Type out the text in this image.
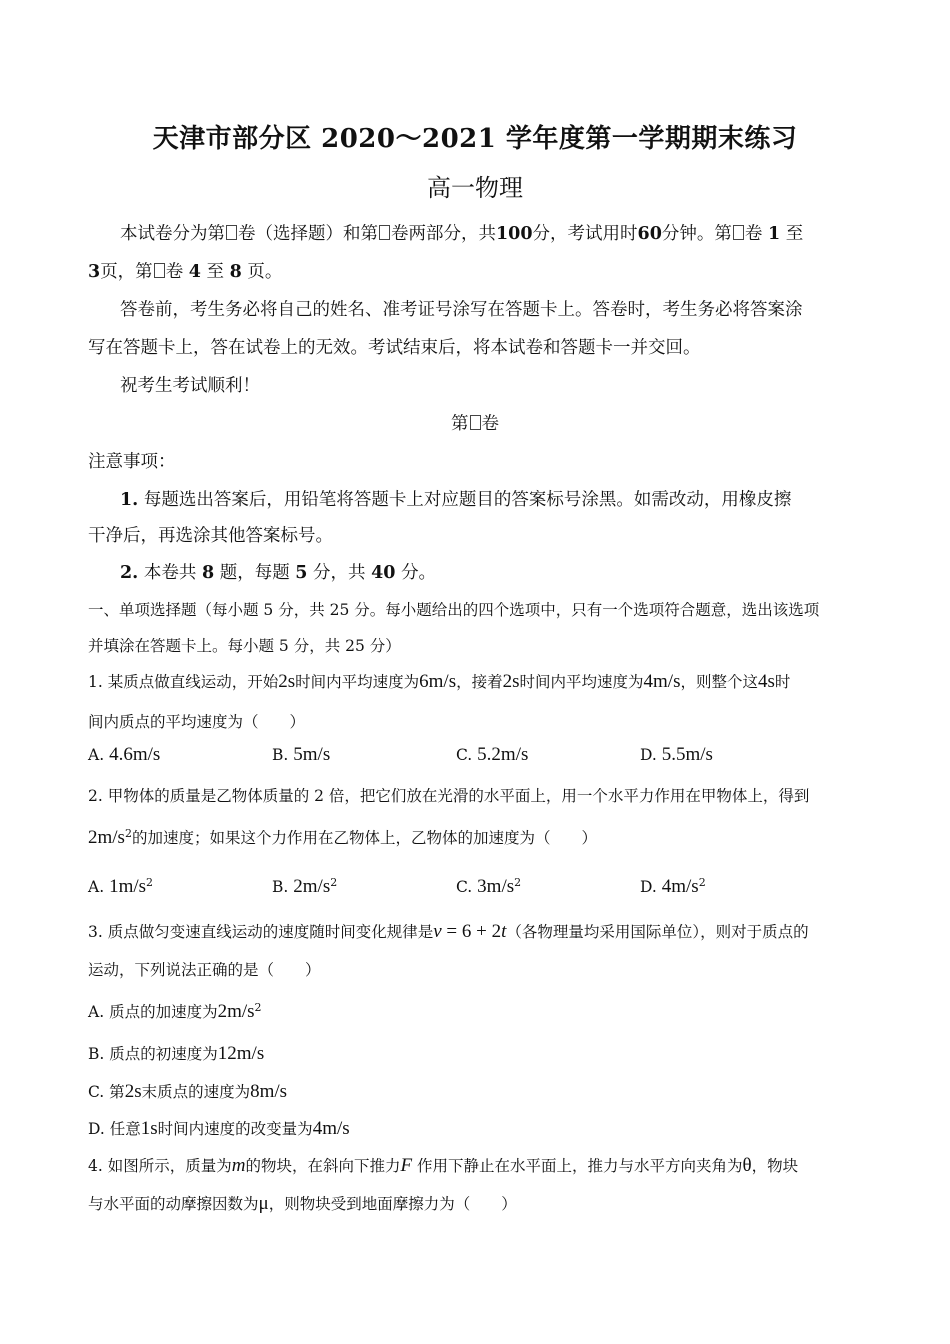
天津市部分区 2020～2021 学年度第一学期期末练习
高一物理
本试卷分为第 卷（选择题）和第 卷两部分，共100分，考试用时60分钟。第 卷 1 至
3页，第 卷 4 至 8 页。
答卷前，考生务必将自己的姓名、准考证号涂写在答题卡上。答卷时，考生务必将答案涂
写在答题卡上，答在试卷上的无效。考试结束后，将本试卷和答题卡一并交回。
祝考生考试顺利！
第 卷
注意事项：
1. 每题选出答案后，用铅笔将答题卡上对应题目的答案标号涂黑。如需改动，用橡皮擦
干净后，再选涂其他答案标号。
2. 本卷共 8 题，每题 5 分，共 40 分。
一、单项选择题（每小题 5 分，共 25 分。每小题给出的四个选项中，只有一个选项符合题意，选出该选项
并填涂在答题卡上。每小题 5 分，共 25 分）
1. 某质点做直线运动，开始2s时间内平均速度为6m/s，接着2s时间内平均速度为4m/s，则整个这4s时
间内质点的平均速度为（　　）
A. 4.6m/s	B. 5m/s	C. 5.2m/s	D. 5.5m/s
2. 甲物体的质量是乙物体质量的 2 倍，把它们放在光滑的水平面上，用一个水平力作用在甲物体上，得到
$2m/s^2$的加速度；如果这个力作用在乙物体上，乙物体的加速度为（　　）
A. $1m/s^2$	B. $2m/s^2$	C. $3m/s^2$	D. $4m/s^2$
3. 质点做匀变速直线运动的速度随时间变化规律是v = 6 + 2t（各物理量均采用国际单位），则对于质点的
运动，下列说法正确的是（　　）
A. 质点的加速度为$2m/s^2$
B. 质点的初速度为12m/s
C. 第2s末质点的速度为8m/s
D. 任意1s时间内速度的改变量为4m/s
4. 如图所示，质量为m的物块，在斜向下推力F 作用下静止在水平面上，推力与水平方向夹角为θ，物块
与水平面的动摩擦因数为μ，则物块受到地面摩擦力为（　　）
